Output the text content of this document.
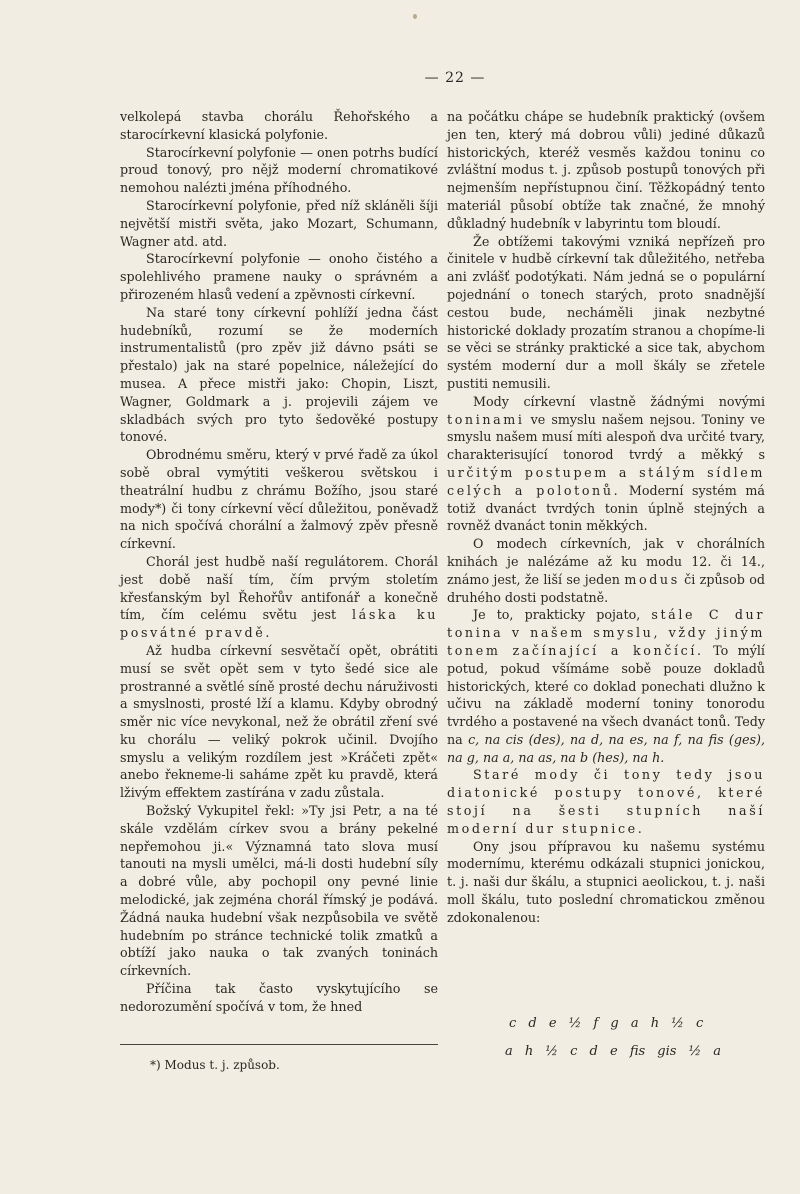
— 22 —

velkolepá stavba chorálu Řehořského a starocírkevní klasická polyfonie.

Starocírkevní polyfonie — onen potrhs budící proud tonový, pro nějž moderní chromatikové nemohou nalézti jména příhodného.

Starocírkevní polyfonie, před níž skláněli šíji největší mistři světa, jako Mozart, Schumann, Wagner atd. atd.

Starocírkevní polyfonie — onoho čistého a spolehlivého pramene nauky o správném a přirozeném hlasů vedení a zpěvnosti církevní.

Na staré tony církevní pohlíží jedna část hudebníků, rozumí se že moderních instrumentalistů (pro zpěv již dávno psáti se přestalo) jak na staré popelnice, náležející do musea. A přece mistři jako: Chopin, Liszt, Wagner, Goldmark a j. projevili zájem ve skladbách svých pro tyto šedověké postupy tonové.

Obrodnému směru, který v prvé řadě za úkol sobě obral vymýtiti veškerou světskou i theatrální hudbu z chrámu Božího, jsou staré mody*) či tony církevní věcí důležitou, poněvadž na nich spočívá chorální a žalmový zpěv přesně církevní.

Chorál jest hudbě naší regulátorem. Chorál jest době naší tím, čím prvým stoletím křesťanským byl Řehořův antifonář a konečně tím, čím celému světu jest láska ku posvátné pravdě.

Až hudba církevní sesvětačí opět, obrátiti musí se svět opět sem v tyto šedé sice ale prostranné a světlé síně prosté dechu náruživosti a smyslnosti, prosté lží a klamu. Kdyby obrodný směr nic více nevykonal, než že obrátil zření své ku chorálu — veliký pokrok učinil. Dvojího smyslu a velikým rozdílem jest »Kráčeti zpět« anebo řekneme-li saháme zpět ku pravdě, která lživým effektem zastírána v zadu zůstala.

Božský Vykupitel řekl: »Ty jsi Petr, a na té skále vzdělám církev svou a brány pekelné nepřemohou ji.« Významná tato slova musí tanouti na mysli umělci, má-li dosti hudební síly a dobré vůle, aby pochopil ony pevné linie melodické, jak zejména chorál římský je podává. Žádná nauka hudební však nezpůsobila ve světě hudebním po stránce technické tolik zmatků a obtíží jako nauka o tak zvaných toninách církevních.

Příčina tak často vyskytujícího se nedorozumění spočívá v tom, že hned

*) Modus t. j. způsob.

na počátku chápe se hudebník praktický (ovšem jen ten, který má dobrou vůli) jediné důkazů historických, kteréž vesměs každou toninu co zvláštní modus t. j. způsob postupů tonových při nejmenším nepřístupnou činí. Těžkopádný tento materiál působí obtíže tak značné, že mnohý důkladný hudebník v labyrintu tom bloudí.

Že obtížemi takovými vzniká nepřízeň pro činitele v hudbě církevní tak důležitého, netřeba ani zvlášť podotýkati. Nám jedná se o populární pojednání o tonech starých, proto snadnější cestou bude, necháměli jinak nezbytné historické doklady prozatím stranou a chopíme-li se věci se stránky praktické a sice tak, abychom systém moderní dur a moll škály se zřetele pustiti nemusili.

Mody církevní vlastně žádnými novými toninami ve smyslu našem nejsou. Toniny ve smyslu našem musí míti alespoň dva určité tvary, charakterisující tonorod tvrdý a měkký s určitým postupem a stálým sídlem celých a polotonů. Moderní systém má totiž dvanáct tvrdých tonin úplně stejných a rovněž dvanáct tonin měkkých.

O modech církevních, jak v chorálních knihách je nalézáme až ku modu 12. či 14., známo jest, že liší se jeden modus či způsob od druhého dosti podstatně.

Je to, prakticky pojato, stále C dur tonina v našem smyslu, vždy jiným tonem začínající a končící. To mýlí potud, pokud všímáme sobě pouze dokladů historických, které co doklad ponechati dlužno k učivu na základě moderní toniny tonorodu tvrdého a postavené na všech dvanáct tonů. Tedy na c, na cis (des), na d, na es, na f, na fis (ges), na g, na a, na as, na b (hes), na h.

Staré mody či tony tedy jsou diatonické postupy tonové, které stojí na šesti stupních naší moderní dur stupnice.

Ony jsou přípravou ku našemu systému modernímu, kterému odkázali stupnici jonickou, t. j. naši dur škálu, a stupnici aeolickou, t. j. naši moll škálu, tuto poslední chromatickou změnou zdokonalenou:

c d e ½ f g a h ½ c
a h ½ c d e fis gis ½ a
